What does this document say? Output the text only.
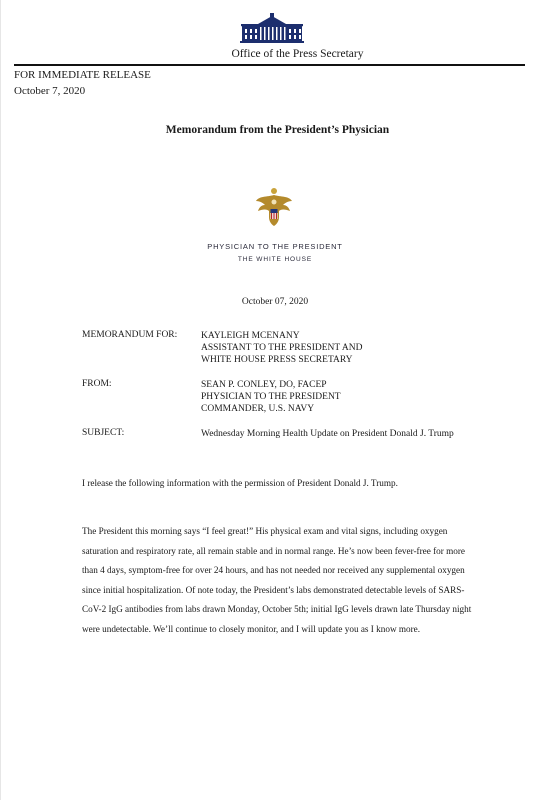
Office of the Press Secretary
FOR IMMEDIATE RELEASE
October 7, 2020
Memorandum from the President’s Physician
PHYSICIAN TO THE PRESIDENT
THE WHITE HOUSE
October 07, 2020
MEMORANDUM FOR: KAYLEIGH MCENANY
ASSISTANT TO THE PRESIDENT AND
WHITE HOUSE PRESS SECRETARY
FROM:	SEAN P. CONLEY, DO, FACEP
PHYSICIAN TO THE PRESIDENT
COMMANDER, U.S. NAVY
SUBJECT:	Wednesday Morning Health Update on President Donald J. Trump
I release the following information with the permission of President Donald J. Trump.
The President this morning says “I feel great!” His physical exam and vital signs, including oxygen saturation and respiratory rate, all remain stable and in normal range. He’s now been fever-free for more than 4 days, symptom-free for over 24 hours, and has not needed nor received any supplemental oxygen since initial hospitalization. Of note today, the President’s labs demonstrated detectable levels of SARS-CoV-2 IgG antibodies from labs drawn Monday, October 5th; initial IgG levels drawn late Thursday night were undetectable. We’ll continue to closely monitor, and I will update you as I know more.
